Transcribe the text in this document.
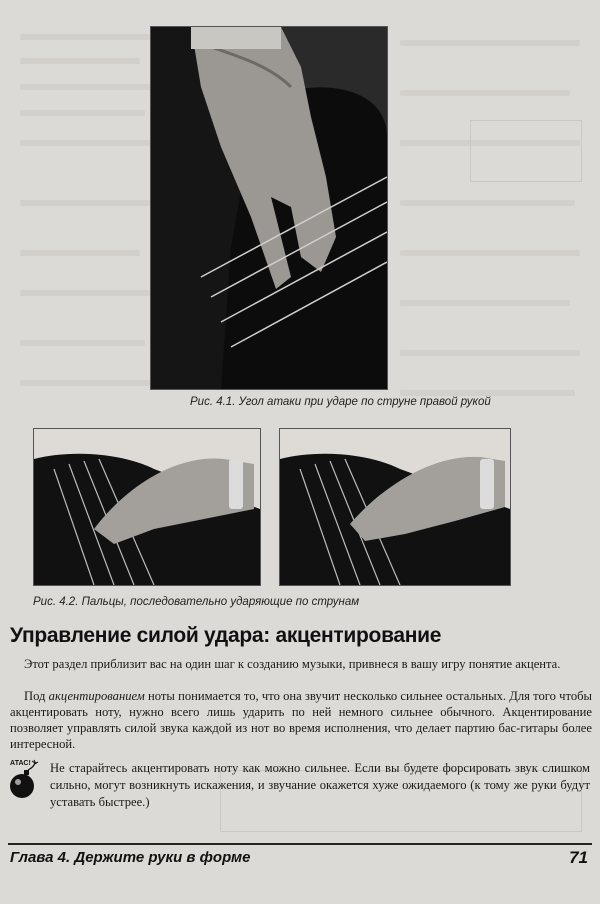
Рис. 4.1. Угол атаки при ударе по струне правой рукой
Рис. 4.2. Пальцы, последовательно ударяющие по струнам
Управление силой удара: акцентирование

Этот раздел приблизит вас на один шаг к созданию музыки, привнеся в вашу игру понятие акцента.

Под акцентированием ноты понимается то, что она звучит несколько сильнее остальных. Для того чтобы акцентировать ноту, нужно всего лишь ударить по ней немного сильнее обычного. Акцентирование позволяет управлять силой звука каждой из нот во время исполнения, что делает партию бас-гитары более интересной.

АТАС! Не старайтесь акцентировать ноту как можно сильнее. Если вы будете форсировать звук слишком сильно, могут возникнуть искажения, и звучание окажется хуже ожидаемого (к тому же руки будут уставать быстрее.)
Глава 4. Держите руки в форме	71
